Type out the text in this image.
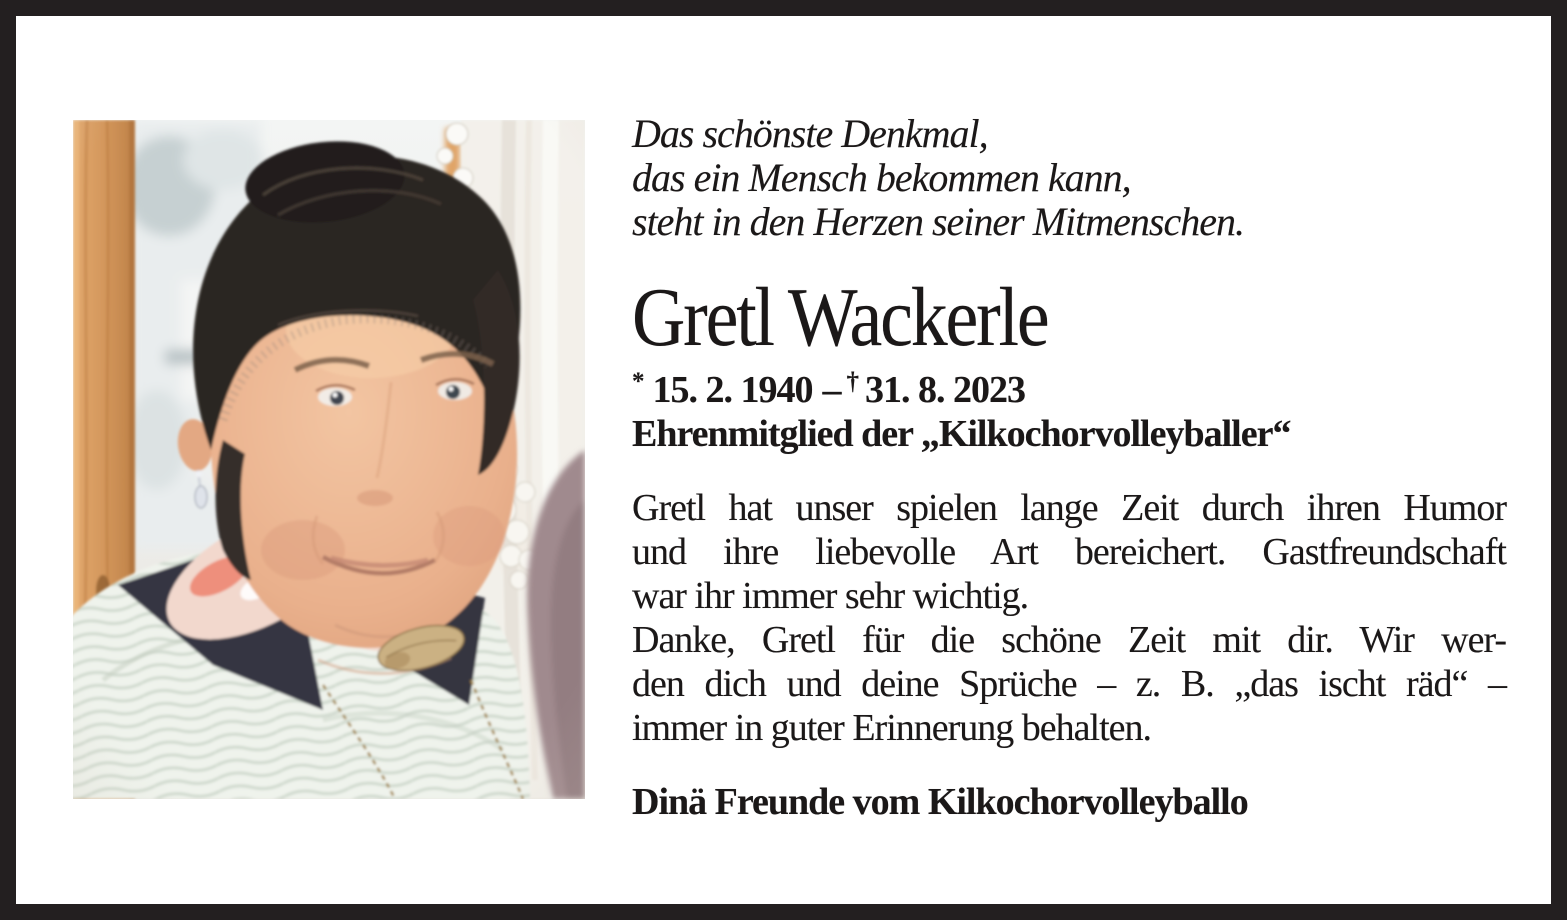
Das schönste Denkmal,
das ein Mensch bekommen kann,
steht in den Herzen seiner Mitmenschen.
Gretl Wackerle
* 15. 2. 1940 – † 31. 8. 2023
Ehrenmitglied der „Kilkochorvolleyballer“
Gretl hat unser spielen lange Zeit durch ihren Humor
und ihre liebevolle Art bereichert. Gastfreundschaft
war ihr immer sehr wichtig.
Danke, Gretl für die schöne Zeit mit dir. Wir wer-
den dich und deine Sprüche – z. B. „das ischt räd“ –
immer in guter Erinnerung behalten.
Dinä Freunde vom Kilkochorvolleyballo
